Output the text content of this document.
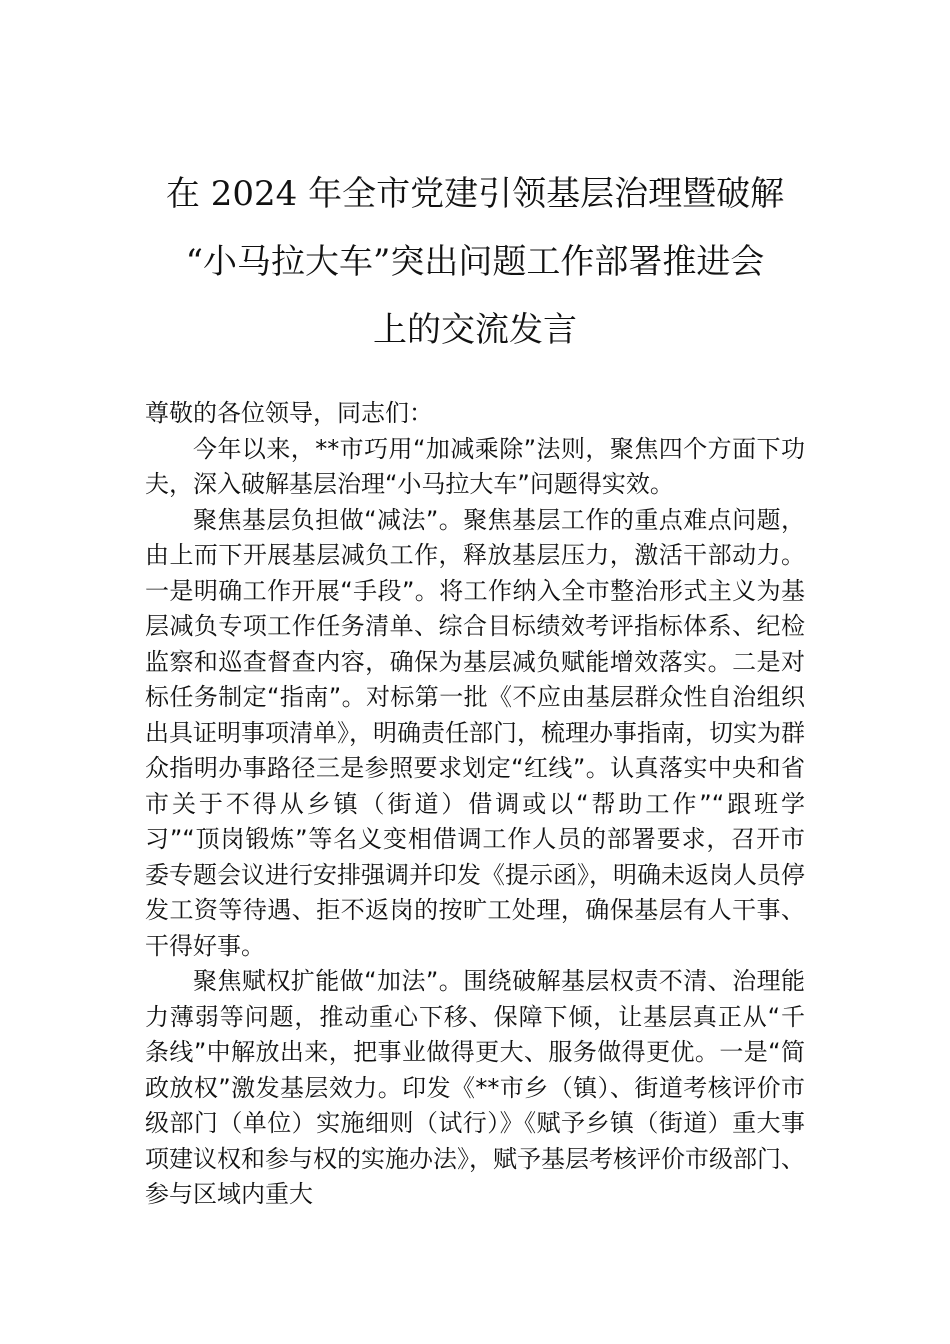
在 2024 年全市党建引领基层治理暨破解
“小马拉大车”突出问题工作部署推进会
上的交流发言

尊敬的各位领导，同志们：

今年以来，**市巧用“加减乘除”法则，聚焦四个方面下功夫，深入破解基层治理“小马拉大车”问题得实效。

聚焦基层负担做“减法”。聚焦基层工作的重点难点问题，由上而下开展基层减负工作，释放基层压力，激活干部动力。一是明确工作开展“手段”。将工作纳入全市整治形式主义为基层减负专项工作任务清单、综合目标绩效考评指标体系、纪检监察和巡查督查内容，确保为基层减负赋能增效落实。二是对标任务制定“指南”。对标第一批《不应由基层群众性自治组织出具证明事项清单》，明确责任部门，梳理办事指南，切实为群众指明办事路径三是参照要求划定“红线”。认真落实中央和省市关于不得从乡镇（街道）借调或以“帮助工作”“跟班学习”“顶岗锻炼”等名义变相借调工作人员的部署要求，召开市委专题会议进行安排强调并印发《提示函》，明确未返岗人员停发工资等待遇、拒不返岗的按旷工处理，确保基层有人干事、干得好事。

聚焦赋权扩能做“加法”。围绕破解基层权责不清、治理能力薄弱等问题，推动重心下移、保障下倾，让基层真正从“千条线”中解放出来，把事业做得更大、服务做得更优。一是“简政放权”激发基层效力。印发《**市乡（镇）、街道考核评价市级部门（单位）实施细则（试行）》《赋予乡镇（街道）重大事项建议权和参与权的实施办法》，赋予基层考核评价市级部门、参与区域内重大
